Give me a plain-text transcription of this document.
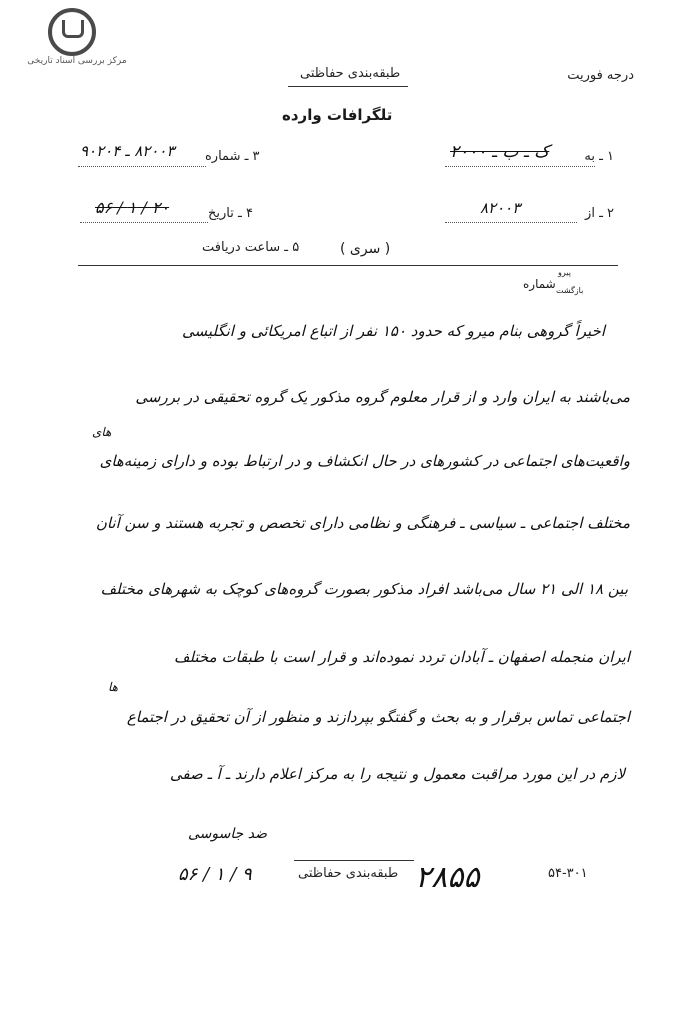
مرکز بررسی اسناد تاریخی
درجه فوریت
طبقه‌بندی حفاظتی
تلگرافات وارده
۱ ـ به
ک ـ ب ـ ۲۰۰۰
۳ ـ شماره
۸۲۰۰۳ ـ ۹۰۲۰۴
۲ ـ از
۸۲۰۰۳
۴ ـ تاریخ
۲۰ / ۱ / ۵۶
۵ ـ ساعت دریافت	( سری )
شماره
پیرو
بازگشت
اخیراً گروهی بنام میرو که حدود ۱۵۰ نفر از اتباع امریکائی و انگلیسی
می‌باشند به ایران وارد و از قرار معلوم گروه مذکور یک گروه تحقیقی در بررسی
های
واقعیت‌های اجتماعی در کشورهای در حال انکشاف و در ارتباط بوده و دارای زمینه‌های
مختلف اجتماعی ـ سیاسی ـ فرهنگی و نظامی دارای تخصص و تجربه هستند و سن آنان
بین ۱۸ الی ۲۱ سال می‌باشد افراد مذکور بصورت گروه‌های کوچک به شهرهای مختلف
ایران منجمله اصفهان ـ آبادان تردد نموده‌اند و قرار است با طبقات مختلف
ها
اجتماعی تماس برقرار و به بحث و گفتگو بپردازند و منظور از آن تحقیق در اجتماع
لازم در این مورد مراقبت معمول و نتیجه را به مرکز اعلام دارند ـ آ ـ صفی
ضد جاسوسی
۹ / ۱ / ۵۶	طبقه‌بندی حفاظتی ۲۸۵۵	۵۴-۳۰۱
